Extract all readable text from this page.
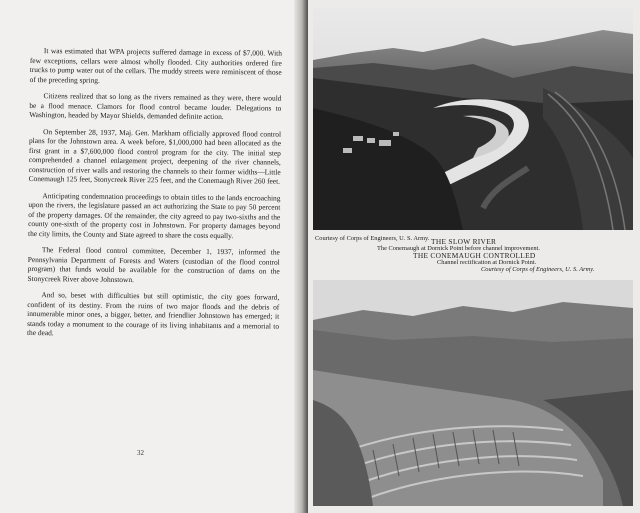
It was estimated that WPA projects suffered damage in excess of $7,000. With few exceptions, cellars were almost wholly flooded. City authorities ordered fire trucks to pump water out of the cellars. The muddy streets were reminiscent of those of the preceding spring.

Citizens realized that so long as the rivers remained as they were, there would be a flood menace. Clamors for flood control became louder. Delegations to Washington, headed by Mayor Shields, demanded definite action.

On September 28, 1937, Maj. Gen. Markham officially approved flood control plans for the Johnstown area. A week before, $1,000,000 had been allocated as the first grant in a $7,600,000 flood control program for the city. The initial step comprehended a channel enlargement project, deepening of the river channels, construction of river walls and restoring the channels to their former widths—Little Conemaugh 125 feet, Stonycreek River 225 feet, and the Conemaugh River 260 feet.

Anticipating condemnation proceedings to obtain titles to the lands encroaching upon the rivers, the legislature passed an act authorizing the State to pay 50 percent of the property damages. Of the remainder, the city agreed to pay two-sixths and the county one-sixth of the property cost in Johnstown. For property damages beyond the city limits, the County and State agreed to share the costs equally.

The Federal flood control committee, December 1, 1937, informed the Pennsylvania Department of Forests and Waters (custodian of the flood control program) that funds would be available for the construction of dams on the Stonycreek River above Johnstown.

And so, beset with difficulties but still optimistic, the city goes forward, confident of its destiny. From the ruins of two major floods and the debris of innumerable minor ones, a bigger, better, and friendlier Johnstown has emerged; it stands today a monument to the courage of its living inhabitants and a memorial to the dead.

32
Courtesy of Corps of Engineers, U. S. Army. THE SLOW RIVER
The Conemaugh at Dornick Point before channel improvement.
THE CONEMAUGH CONTROLLED
Channel rectification at Dornick Point.
Courtesy of Corps of Engineers, U. S. Army.
